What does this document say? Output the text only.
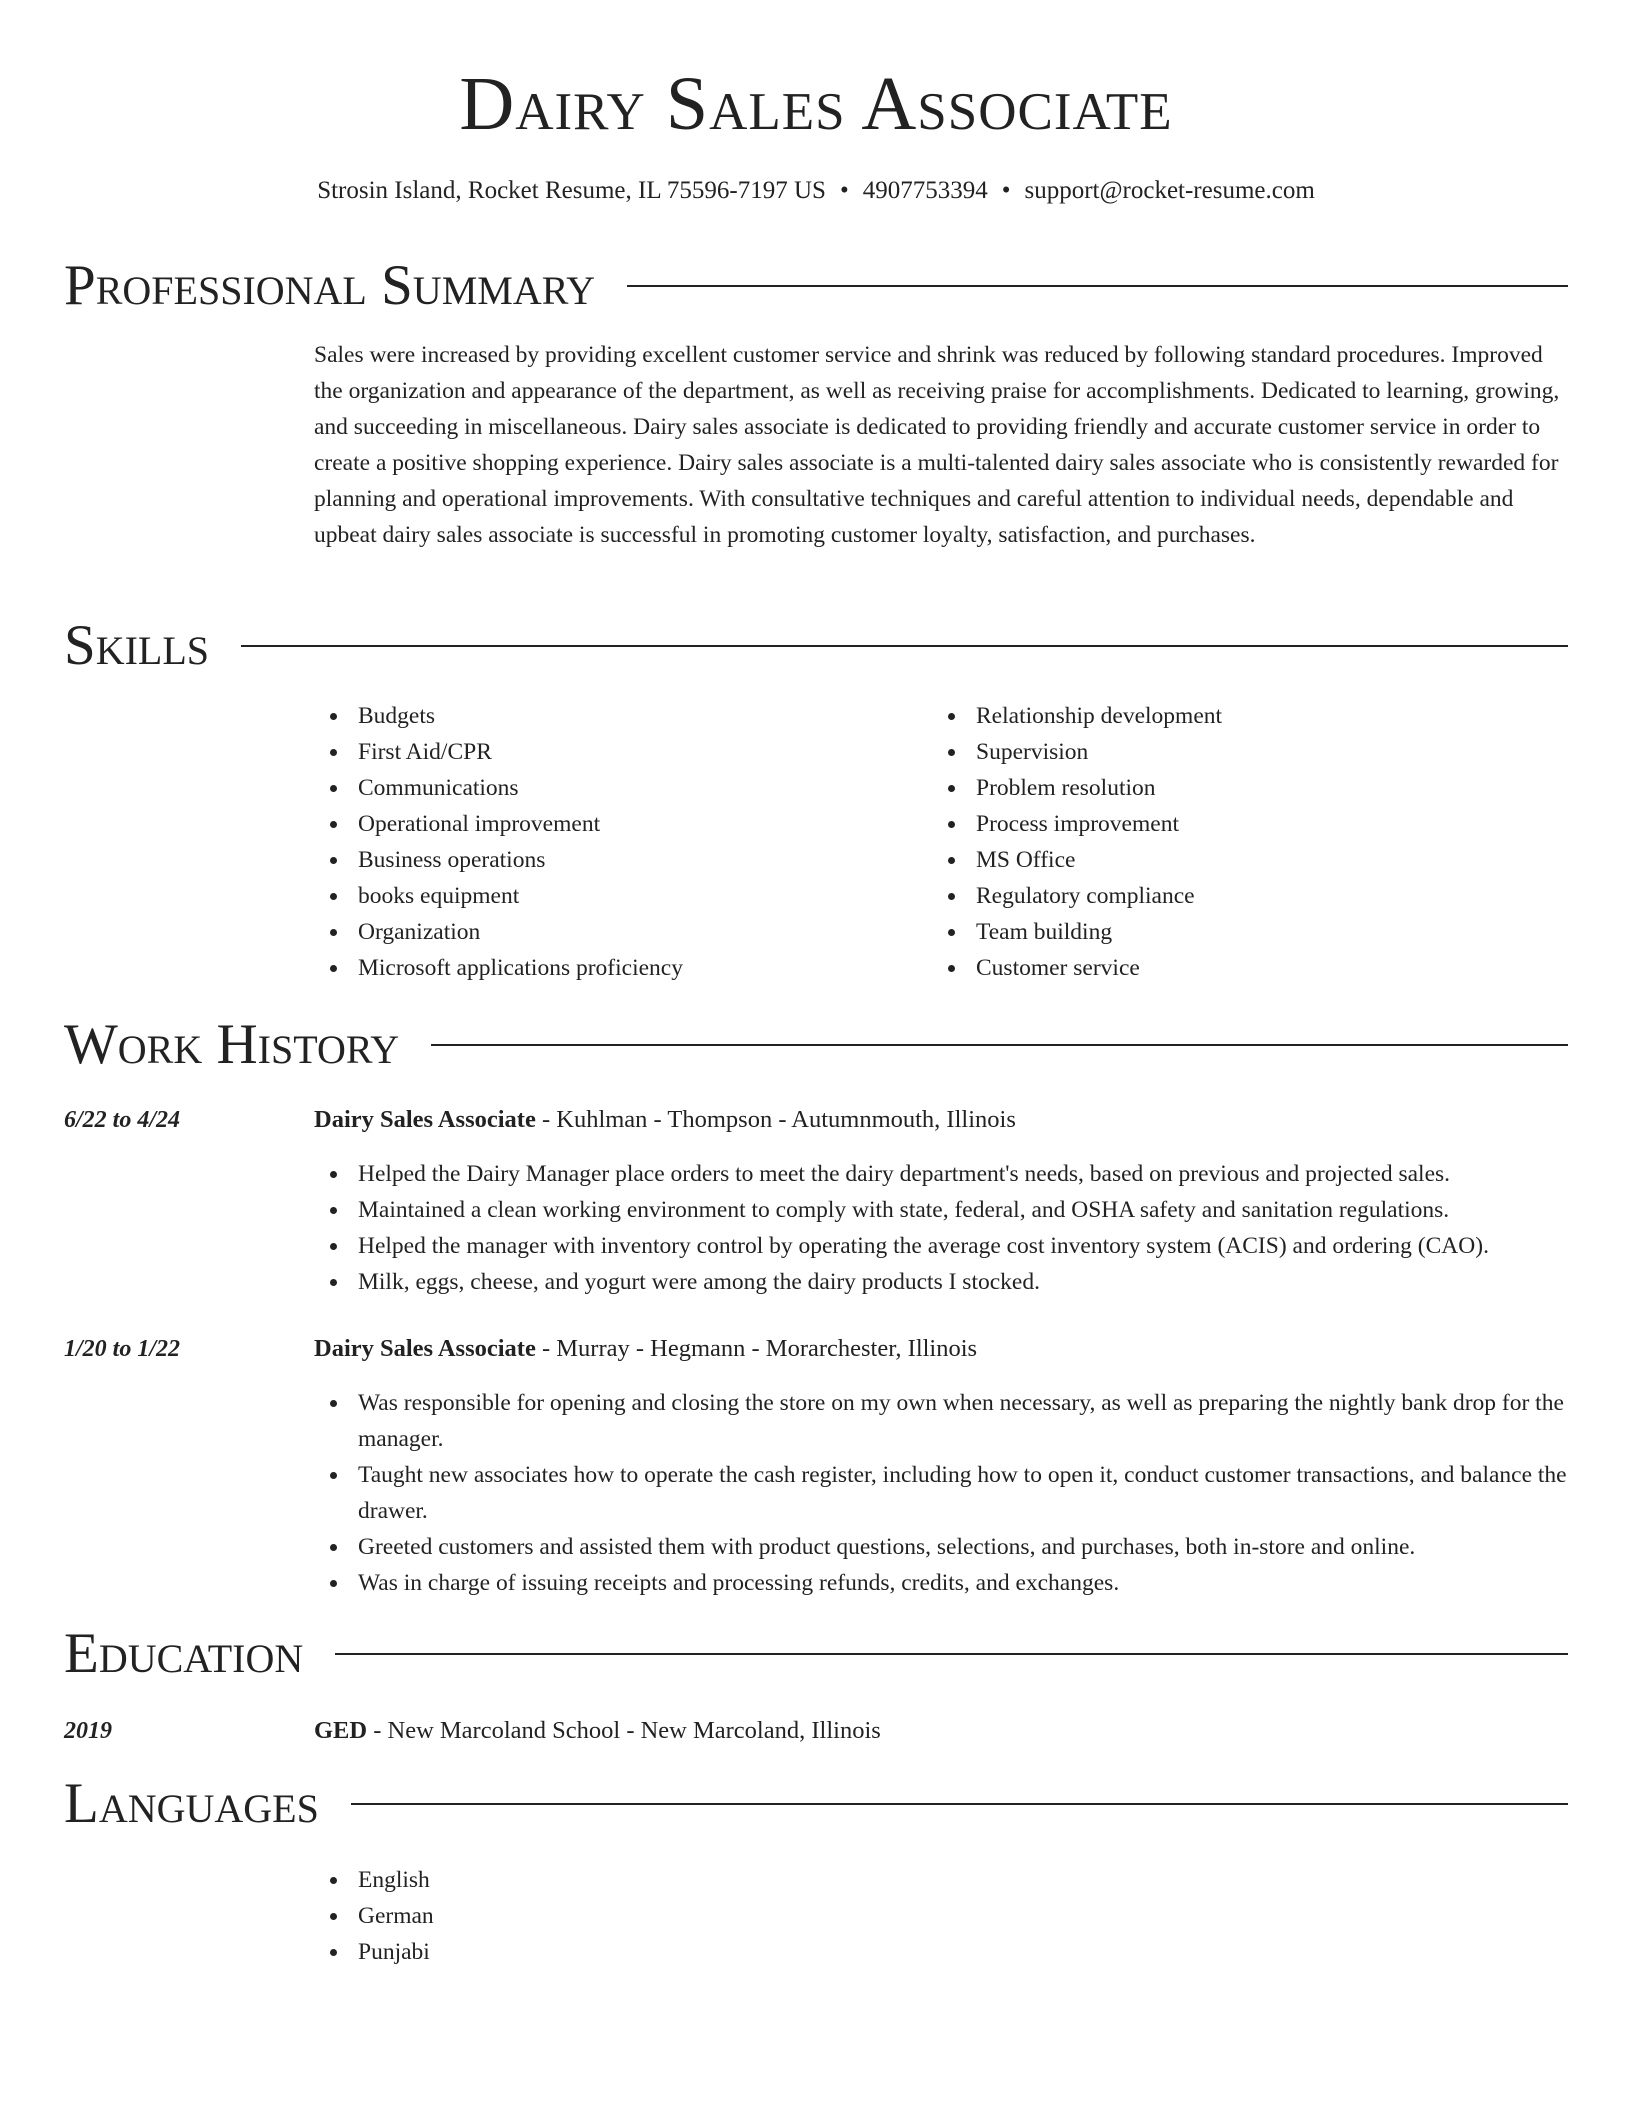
Dairy Sales Associate
Strosin Island, Rocket Resume, IL 75596-7197 US • 4907753394 • support@rocket-resume.com
Professional Summary
Sales were increased by providing excellent customer service and shrink was reduced by following standard procedures. Improved the organization and appearance of the department, as well as receiving praise for accomplishments. Dedicated to learning, growing, and succeeding in miscellaneous. Dairy sales associate is dedicated to providing friendly and accurate customer service in order to create a positive shopping experience. Dairy sales associate is a multi-talented dairy sales associate who is consistently rewarded for planning and operational improvements. With consultative techniques and careful attention to individual needs, dependable and upbeat dairy sales associate is successful in promoting customer loyalty, satisfaction, and purchases.
Skills
Budgets
First Aid/CPR
Communications
Operational improvement
Business operations
books equipment
Organization
Microsoft applications proficiency
Relationship development
Supervision
Problem resolution
Process improvement
MS Office
Regulatory compliance
Team building
Customer service
Work History
6/22 to 4/24	Dairy Sales Associate - Kuhlman - Thompson - Autumnmouth, Illinois
Helped the Dairy Manager place orders to meet the dairy department's needs, based on previous and projected sales.
Maintained a clean working environment to comply with state, federal, and OSHA safety and sanitation regulations.
Helped the manager with inventory control by operating the average cost inventory system (ACIS) and ordering (CAO).
Milk, eggs, cheese, and yogurt were among the dairy products I stocked.
1/20 to 1/22	Dairy Sales Associate - Murray - Hegmann - Morarchester, Illinois
Was responsible for opening and closing the store on my own when necessary, as well as preparing the nightly bank drop for the manager.
Taught new associates how to operate the cash register, including how to open it, conduct customer transactions, and balance the drawer.
Greeted customers and assisted them with product questions, selections, and purchases, both in-store and online.
Was in charge of issuing receipts and processing refunds, credits, and exchanges.
Education
2019	GED - New Marcoland School - New Marcoland, Illinois
Languages
English
German
Punjabi
